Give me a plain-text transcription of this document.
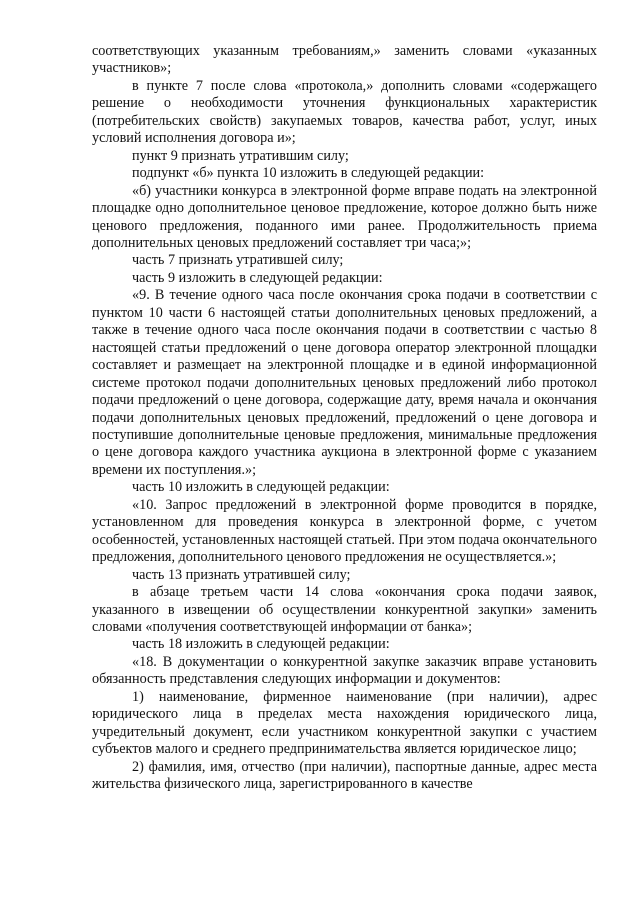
соответствующих указанным требованиям,» заменить словами «указанных участников»;

в пункте 7 после слова «протокола,» дополнить словами «содержащего решение о необходимости уточнения функциональных характеристик (потребительских свойств) закупаемых товаров, качества работ, услуг, иных условий исполнения договора и»;

пункт 9 признать утратившим силу;

подпункт «б» пункта 10 изложить в следующей редакции:

«б) участники конкурса в электронной форме вправе подать на электронной площадке одно дополнительное ценовое предложение, которое должно быть ниже ценового предложения, поданного ими ранее. Продолжительность приема дополнительных ценовых предложений составляет три часа;»;

часть 7 признать утратившей силу;

часть 9 изложить в следующей редакции:

«9. В течение одного часа после окончания срока подачи в соответствии с пунктом 10 части 6 настоящей статьи дополнительных ценовых предложений, а также в течение одного часа после окончания подачи в соответствии с частью 8 настоящей статьи предложений о цене договора оператор электронной площадки составляет и размещает на электронной площадке и в единой информационной системе протокол подачи дополнительных ценовых предложений либо протокол подачи предложений о цене договора, содержащие дату, время начала и окончания подачи дополнительных ценовых предложений, предложений о цене договора и поступившие дополнительные ценовые предложения, минимальные предложения о цене договора каждого участника аукциона в электронной форме с указанием времени их поступления.»;

часть 10 изложить в следующей редакции:

«10. Запрос предложений в электронной форме проводится в порядке, установленном для проведения конкурса в электронной форме, с учетом особенностей, установленных настоящей статьей. При этом подача окончательного предложения, дополнительного ценового предложения не осуществляется.»;

часть 13 признать утратившей силу;

в абзаце третьем части 14 слова «окончания срока подачи заявок, указанного в извещении об осуществлении конкурентной закупки» заменить словами «получения соответствующей информации от банка»;

часть 18 изложить в следующей редакции:

«18. В документации о конкурентной закупке заказчик вправе установить обязанность представления следующих информации и документов:

1) наименование, фирменное наименование (при наличии), адрес юридического лица в пределах места нахождения юридического лица, учредительный документ, если участником конкурентной закупки с участием субъектов малого и среднего предпринимательства является юридическое лицо;

2) фамилия, имя, отчество (при наличии), паспортные данные, адрес места жительства физического лица, зарегистрированного в качестве
